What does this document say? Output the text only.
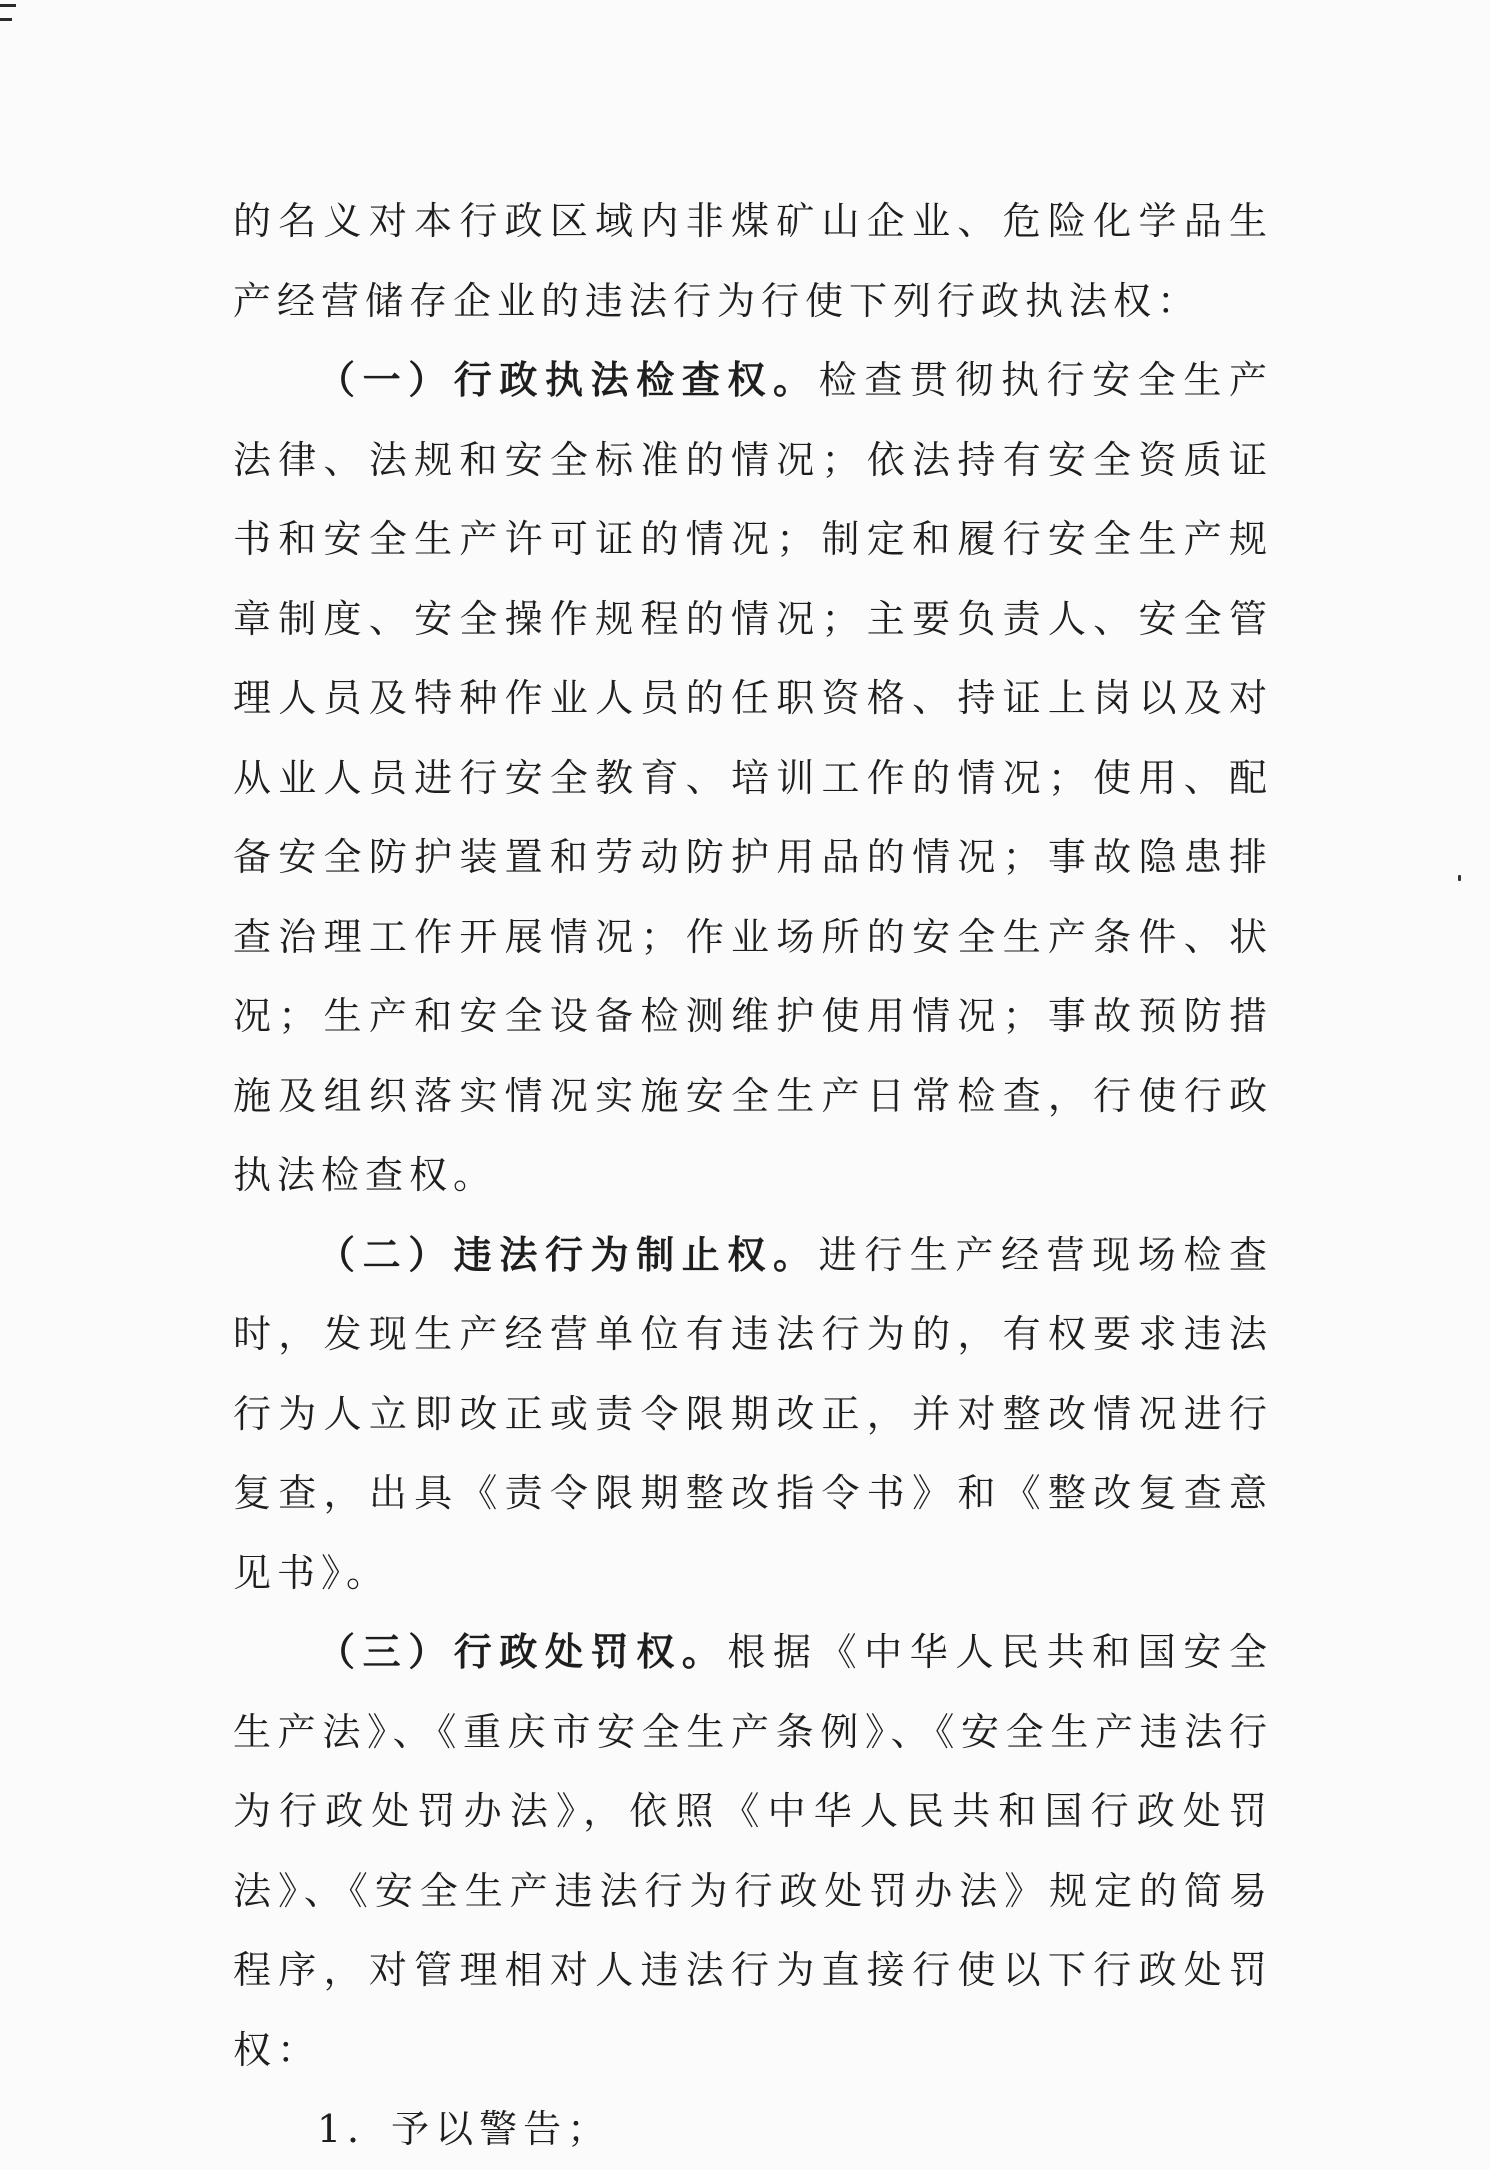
的名义对本行政区域内非煤矿山企业、危险化学品生产经营储存企业的违法行为行使下列行政执法权：

（一）行政执法检查权。检查贯彻执行安全生产法律、法规和安全标准的情况；依法持有安全资质证书和安全生产许可证的情况；制定和履行安全生产规章制度、安全操作规程的情况；主要负责人、安全管理人员及特种作业人员的任职资格、持证上岗以及对从业人员进行安全教育、培训工作的情况；使用、配备安全防护装置和劳动防护用品的情况；事故隐患排查治理工作开展情况；作业场所的安全生产条件、状况；生产和安全设备检测维护使用情况；事故预防措施及组织落实情况实施安全生产日常检查，行使行政执法检查权。

（二）违法行为制止权。进行生产经营现场检查时，发现生产经营单位有违法行为的，有权要求违法行为人立即改正或责令限期改正，并对整改情况进行复查，出具《责令限期整改指令书》和《整改复查意见书》。

（三）行政处罚权。根据《中华人民共和国安全生产法》、《重庆市安全生产条例》、《安全生产违法行为行政处罚办法》，依照《中华人民共和国行政处罚法》、《安全生产违法行为行政处罚办法》规定的简易程序，对管理相对人违法行为直接行使以下行政处罚权：

1．予以警告；
